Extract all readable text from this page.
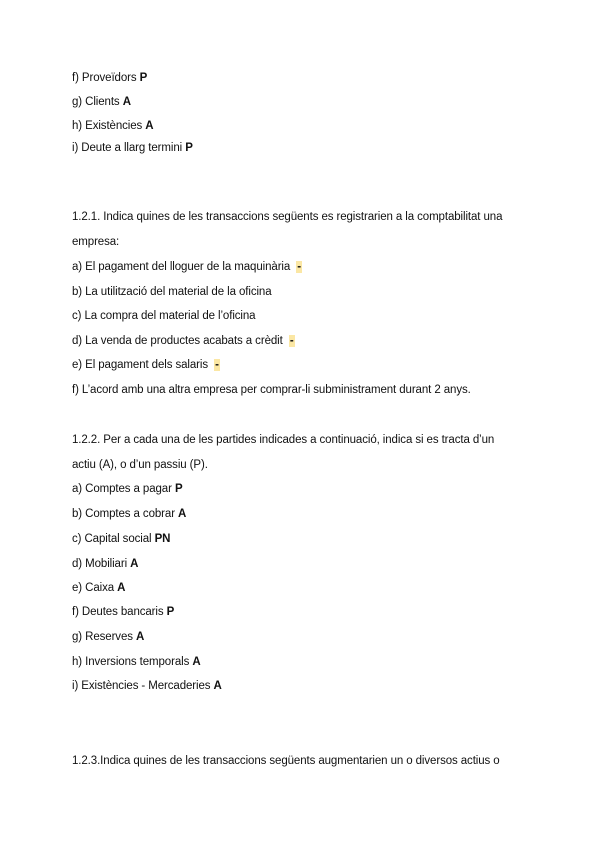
f) Proveïdors P
g) Clients A
h) Existències A
i) Deute a llarg termini P
1.2.1. Indica quines de les transaccions següents es registrarien a la comptabilitat una
empresa:
a) El pagament del lloguer de la maquinària -
b) La utilització del material de la oficina
c) La compra del material de l’oficina
d) La venda de productes acabats a crèdit -
e) El pagament dels salaris -
f) L’acord amb una altra empresa per comprar-li subministrament durant 2 anys.
1.2.2. Per a cada una de les partides indicades a continuació, indica si es tracta d’un
actiu (A), o d’un passiu (P).
a) Comptes a pagar P
b) Comptes a cobrar A
c) Capital social PN
d) Mobiliari A
e) Caixa A
f) Deutes bancaris P
g) Reserves A
h) Inversions temporals A
i) Existències - Mercaderies A
1.2.3.Indica quines de les transaccions següents augmentarien un o diversos actius o
